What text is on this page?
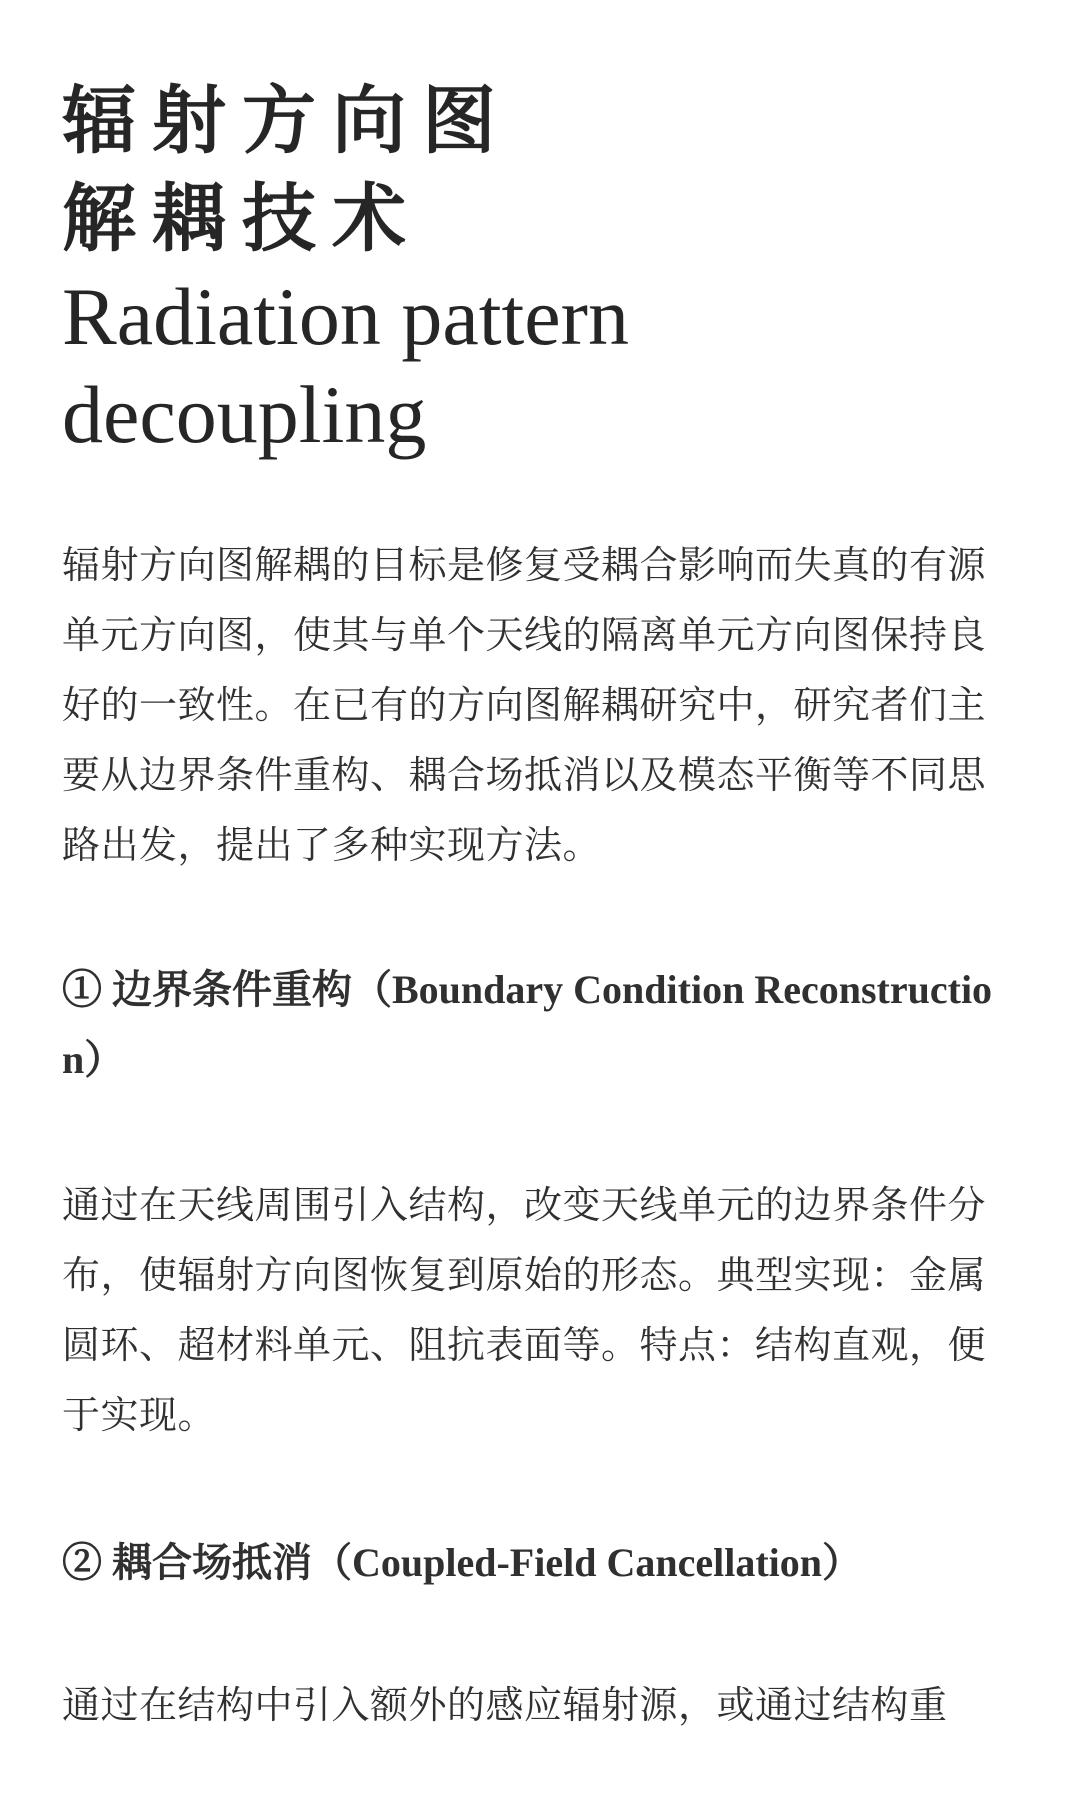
辐射方向图
解耦技术
Radiation pattern
decoupling

辐射方向图解耦的目标是修复受耦合影响而失真的有源单元方向图，使其与单个天线的隔离单元方向图保持良好的一致性。在已有的方向图解耦研究中，研究者们主要从边界条件重构、耦合场抵消以及模态平衡等不同思路出发，提出了多种实现方法。

① 边界条件重构（Boundary Condition Reconstruction）

通过在天线周围引入结构，改变天线单元的边界条件分布，使辐射方向图恢复到原始的形态。典型实现：金属圆环、超材料单元、阻抗表面等。特点：结构直观，便于实现。

② 耦合场抵消（Coupled-Field Cancellation）

通过在结构中引入额外的感应辐射源，或通过结构重
